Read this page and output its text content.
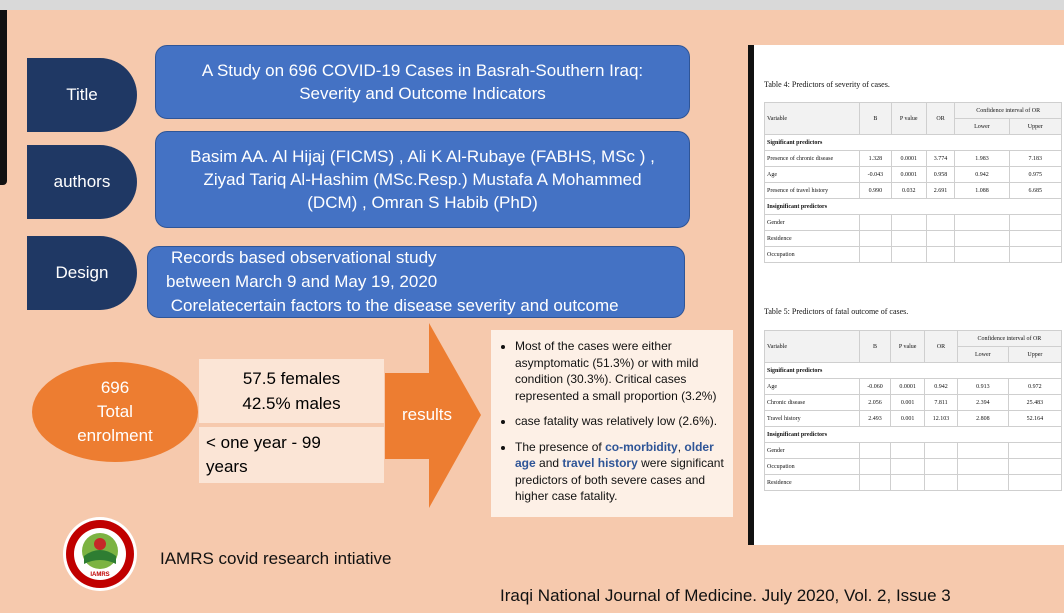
Title
authors
Design
A Study on 696 COVID-19 Cases in Basrah-Southern Iraq:
Severity and Outcome Indicators
Basim AA. Al Hijaj (FICMS) , Ali K Al-Rubaye (FABHS, MSc ) ,
Ziyad Tariq Al-Hashim (MSc.Resp.) Mustafa A Mohammed
(DCM) , Omran S Habib (PhD)
Records based observational study
between March 9 and May 19, 2020
Corelatecertain factors to the disease severity and outcome
696
Total
enrolment
57.5 females
42.5% males
< one year - 99
years
results
• Most of the cases were either asymptomatic (51.3%) or with mild condition (30.3%). Critical cases represented a small proportion (3.2%)
• case fatality was relatively low (2.6%).
• The presence of co-morbidity, older age and travel history were significant predictors of both severe cases and higher case fatality.
Table 4: Predictors of severity of cases.
Variable	B	P value	OR	Confidence interval of OR	
				Lower	Upper
Significant predictors					
Presence of chronic disease	1.328	0.0001	3.774	1.983	7.183
Age	-0.043	0.0001	0.958	0.942	0.975
Presence of travel history	0.990	0.032	2.691	1.088	6.685
Insignificant predictors					
Gender					
Residence					
Occupation					
Table 5: Predictors of fatal outcome of cases.
Variable	B	P value	OR	Confidence interval of OR	
				Lower	Upper
Significant predictors					
Age	-0.060	0.0001	0.942	0.913	0.972
Chronic disease	2.056	0.001	7.811	2.394	25.483
Travel history	2.493	0.001	12.103	2.808	52.164
Insignificant predictors					
Gender					
Occupation					
Residence					
IAMRS
IAMRS covid research intiative
Iraqi National Journal of Medicine. July 2020, Vol. 2, Issue 3
